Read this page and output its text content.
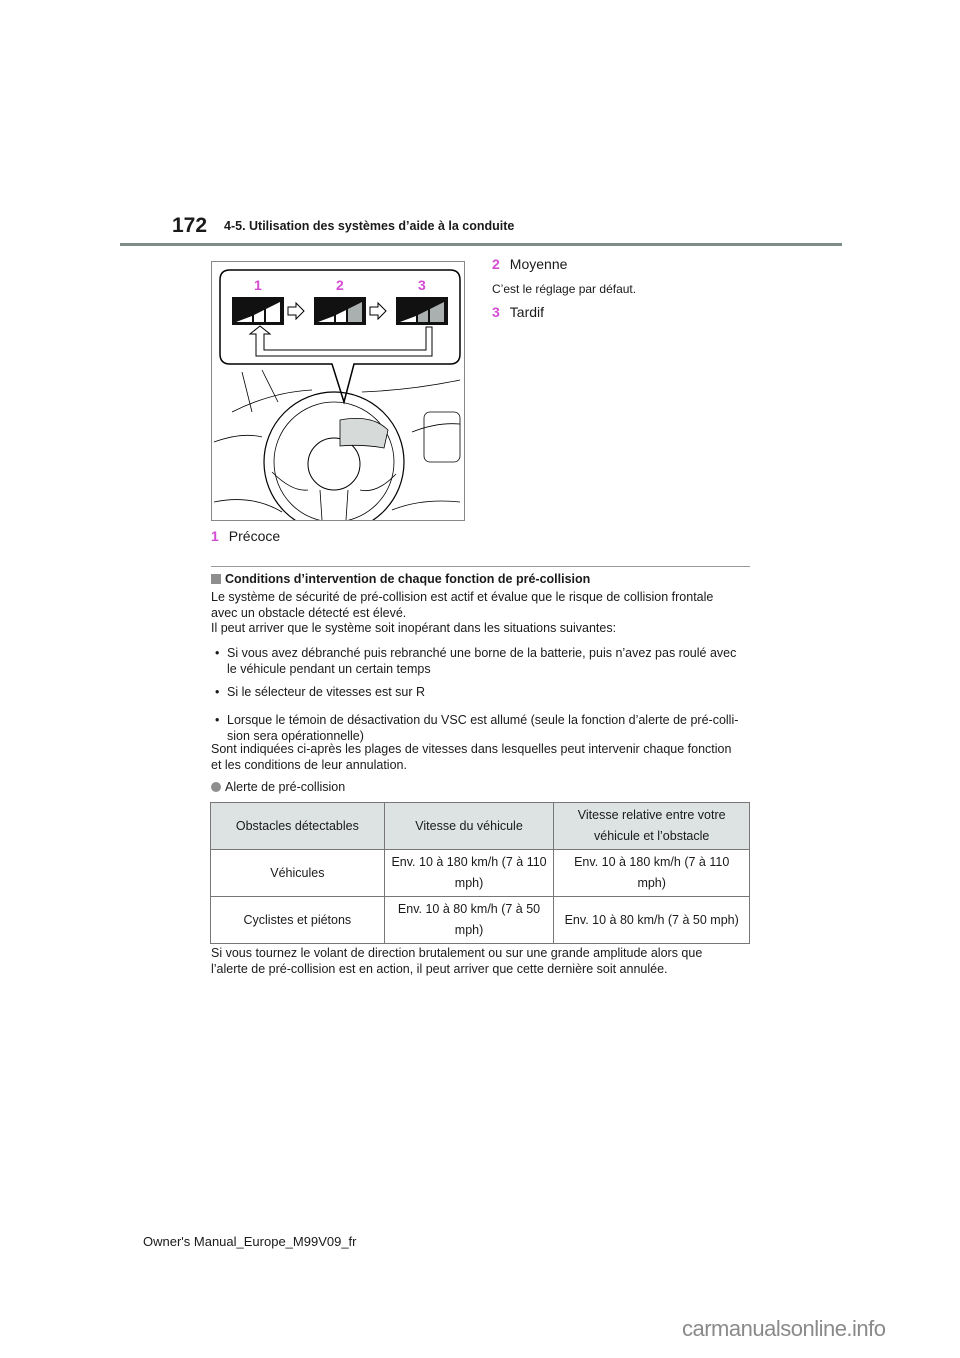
172 4-5. Utilisation des systèmes d’aide à la conduite
1	2	3
1 Précoce
2 Moyenne
C’est le réglage par défaut.
3 Tardif
Conditions d’intervention de chaque fonction de pré-collision
Le système de sécurité de pré-collision est actif et évalue que le risque de collision frontale
avec un obstacle détecté est élevé.
Il peut arriver que le système soit inopérant dans les situations suivantes:
• Si vous avez débranché puis rebranché une borne de la batterie, puis n’avez pas roulé avec
le véhicule pendant un certain temps
• Si le sélecteur de vitesses est sur R
• Lorsque le témoin de désactivation du VSC est allumé (seule la fonction d’alerte de pré-colli-
sion sera opérationnelle)
Sont indiquées ci-après les plages de vitesses dans lesquelles peut intervenir chaque fonction
et les conditions de leur annulation.
Alerte de pré-collision
Obstacles détectables	Vitesse du véhicule	Vitesse relative entre votre véhicule et l’obstacle
Véhicules	Env. 10 à 180 km/h (7 à 110 mph)	Env. 10 à 180 km/h (7 à 110 mph)
Cyclistes et piétons	Env. 10 à 80 km/h (7 à 50 mph)	Env. 10 à 80 km/h (7 à 50 mph)
Si vous tournez le volant de direction brutalement ou sur une grande amplitude alors que
l’alerte de pré-collision est en action, il peut arriver que cette dernière soit annulée.
Owner's Manual_Europe_M99V09_fr
carmanualsonline.info
